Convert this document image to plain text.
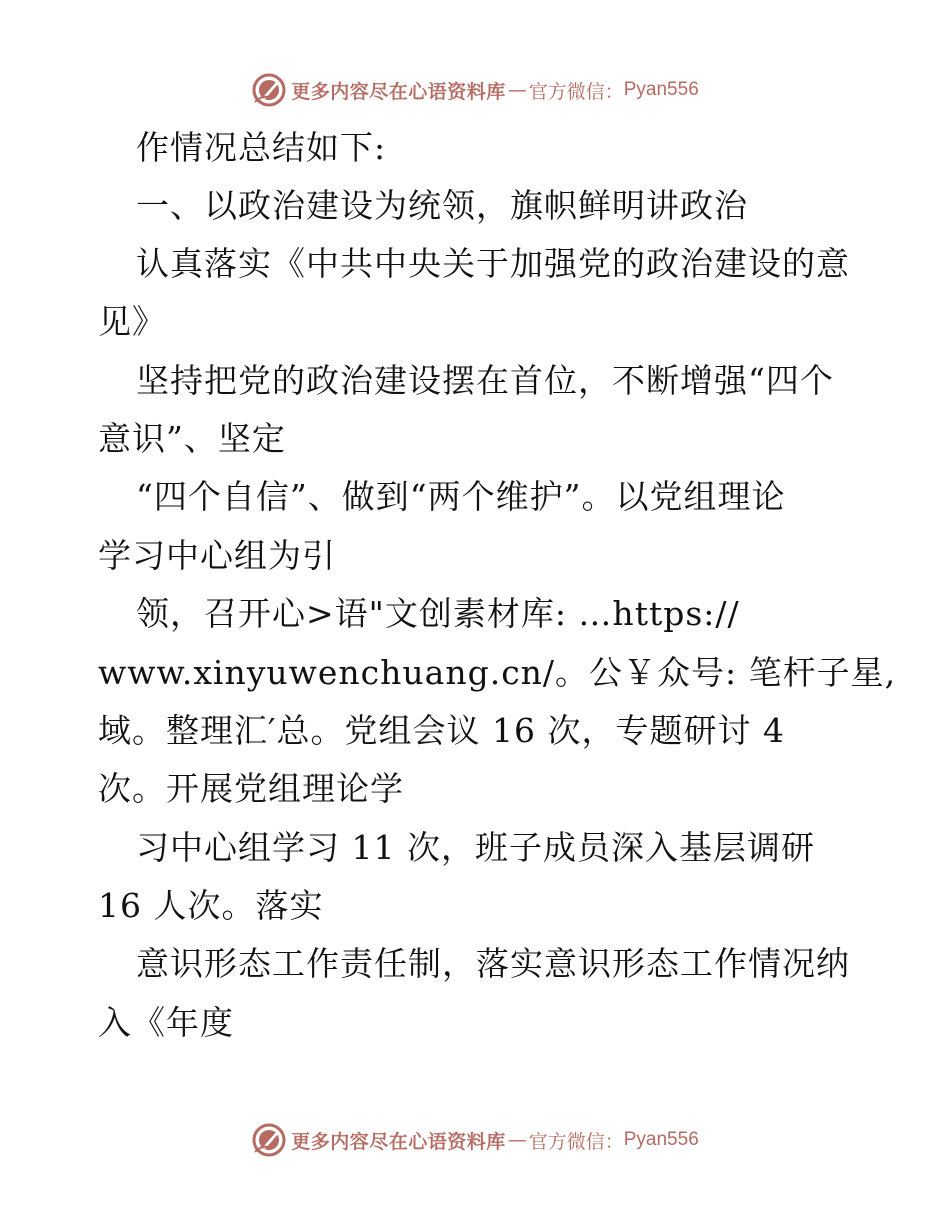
更多内容尽在心语资料库 — 官方微信： Pyan556
作情况总结如下:
一、以政治建设为统领，旗帜鲜明讲政治
认真落实《中共中央关于加强党的政治建设的意
见》
坚持把党的政治建设摆在首位，不断增强“四个
意识”、坚定
“四个自信”、做到“两个维护”。以党组理论
学习中心组为引
领，召开心>语"文创素材库: …https://
www.xinyuwenchuang.cn/。公￥众号: 笔杆子星,
域。整理汇′总。党组会议 16 次，专题研讨 4
次。开展党组理论学
习中心组学习 11 次，班子成员深入基层调研
16 人次。落实
意识形态工作责任制，落实意识形态工作情况纳
入《年度
更多内容尽在心语资料库 — 官方微信： Pyan556
